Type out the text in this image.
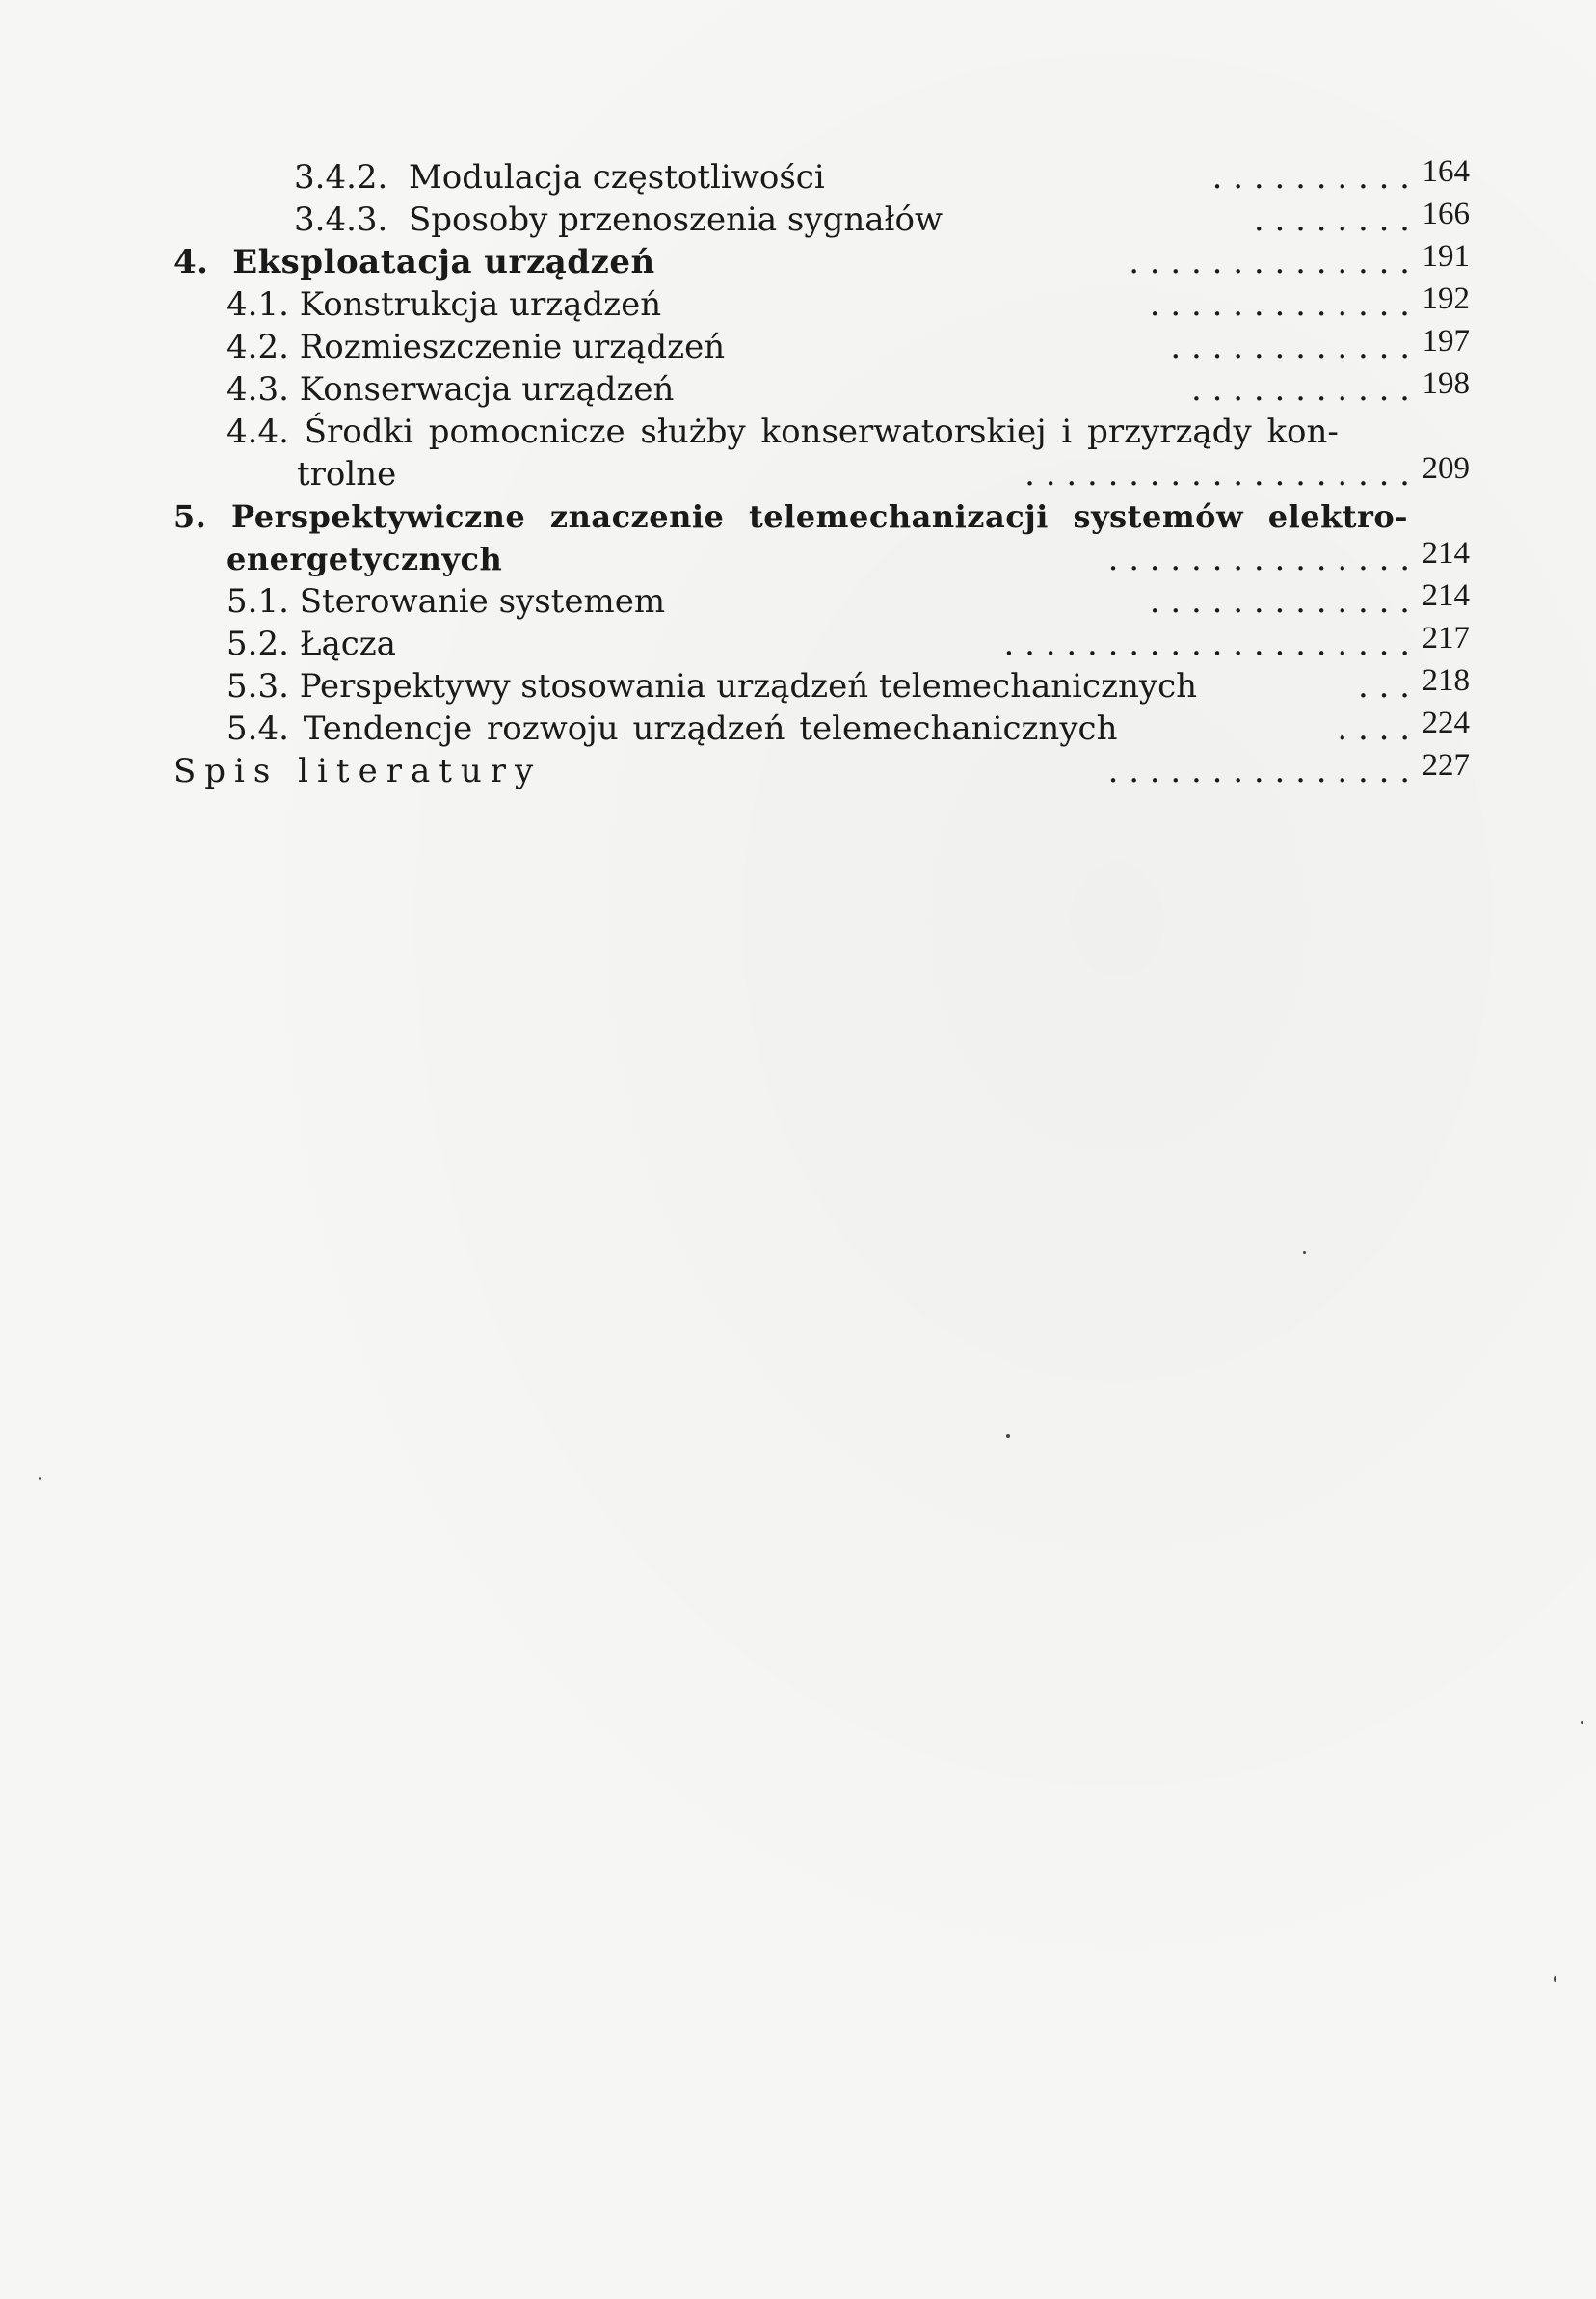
3.4.2. Modulacja częstotliwości	. . . . . . . . . . 164
3.4.3. Sposoby przenoszenia sygnałów	. . . . . . . . 166
4. Eksploatacja urządzeń	. . . . . . . . . . . . . . 191
4.1. Konstrukcja urządzeń	. . . . . . . . . . . . . 192
4.2. Rozmieszczenie urządzeń	. . . . . . . . . . . . 197
4.3. Konserwacja urządzeń	. . . . . . . . . . . 198
4.4. Środki pomocnicze służby konserwatorskiej i przyrządy kon-
trolne	. . . . . . . . . . . . . . . . . . . 209
5. Perspektywiczne znaczenie telemechanizacji systemów elektro-
energetycznych	. . . . . . . . . . . . . . . 214
5.1. Sterowanie systemem	. . . . . . . . . . . . . 214
5.2. Łącza	. . . . . . . . . . . . . . . . . . . . 217
5.3. Perspektywy stosowania urządzeń telemechanicznych	. . . 218
5.4. Tendencje rozwoju urządzeń telemechanicznych	. . . . 224
Spis literatury	. . . . . . . . . . . . . . . 227
